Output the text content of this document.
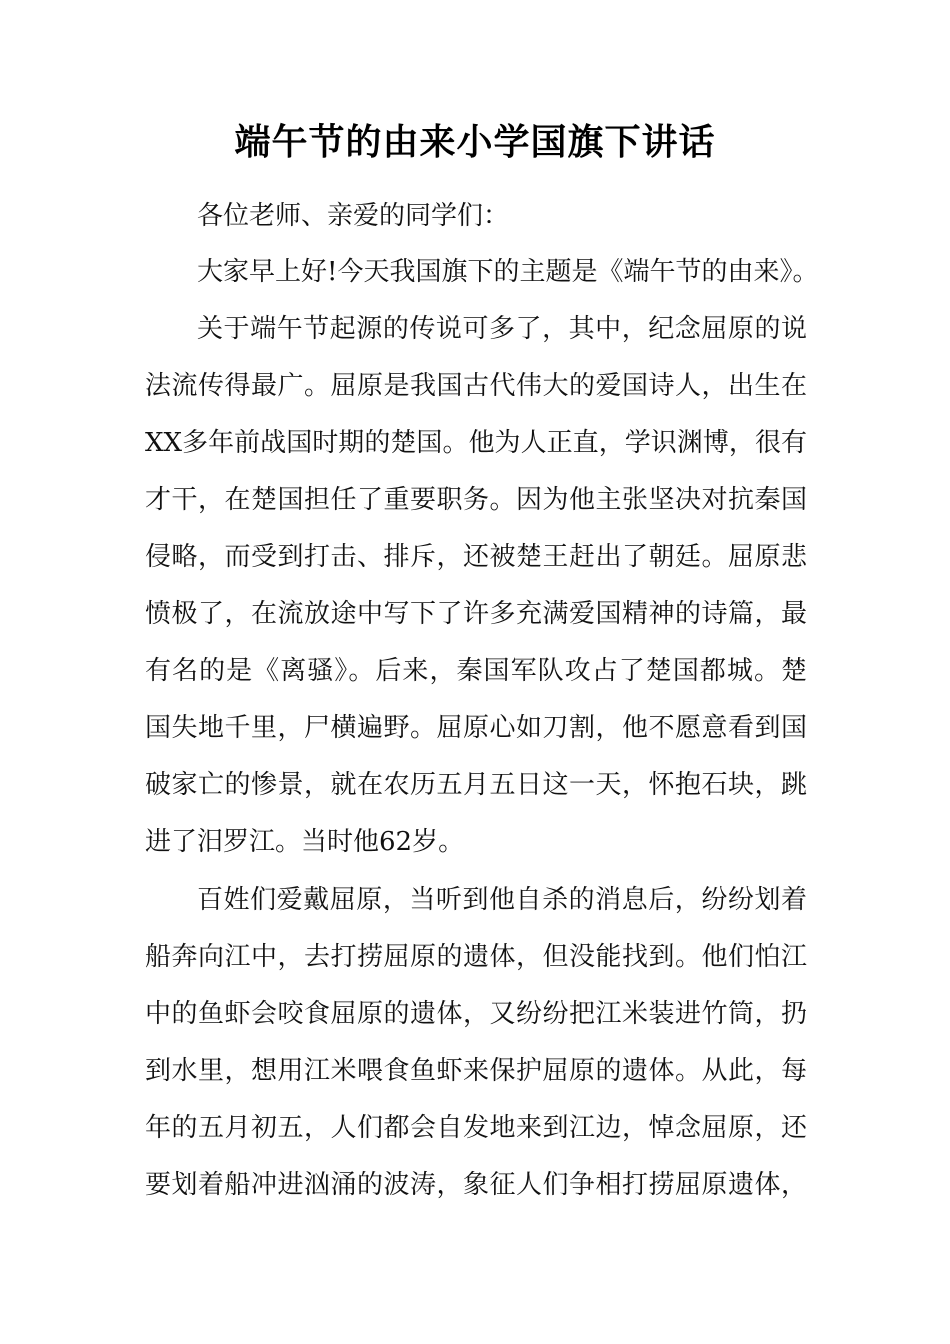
端午节的由来小学国旗下讲话
各位老师、亲爱的同学们：
大家早上好!今天我国旗下的主题是《端午节的由来》。
关于端午节起源的传说可多了，其中，纪念屈原的说
法流传得最广。屈原是我国古代伟大的爱国诗人，出生在
XX多年前战国时期的楚国。他为人正直，学识渊博，很有
才干，在楚国担任了重要职务。因为他主张坚决对抗秦国
侵略，而受到打击、排斥，还被楚王赶出了朝廷。屈原悲
愤极了，在流放途中写下了许多充满爱国精神的诗篇，最
有名的是《离骚》。后来，秦国军队攻占了楚国都城。楚
国失地千里，尸横遍野。屈原心如刀割，他不愿意看到国
破家亡的惨景，就在农历五月五日这一天，怀抱石块，跳
进了汨罗江。当时他62岁。
百姓们爱戴屈原，当听到他自杀的消息后，纷纷划着
船奔向江中，去打捞屈原的遗体，但没能找到。他们怕江
中的鱼虾会咬食屈原的遗体，又纷纷把江米装进竹筒，扔
到水里，想用江米喂食鱼虾来保护屈原的遗体。从此，每
年的五月初五，人们都会自发地来到江边，悼念屈原，还
要划着船冲进汹涌的波涛，象征人们争相打捞屈原遗体，
